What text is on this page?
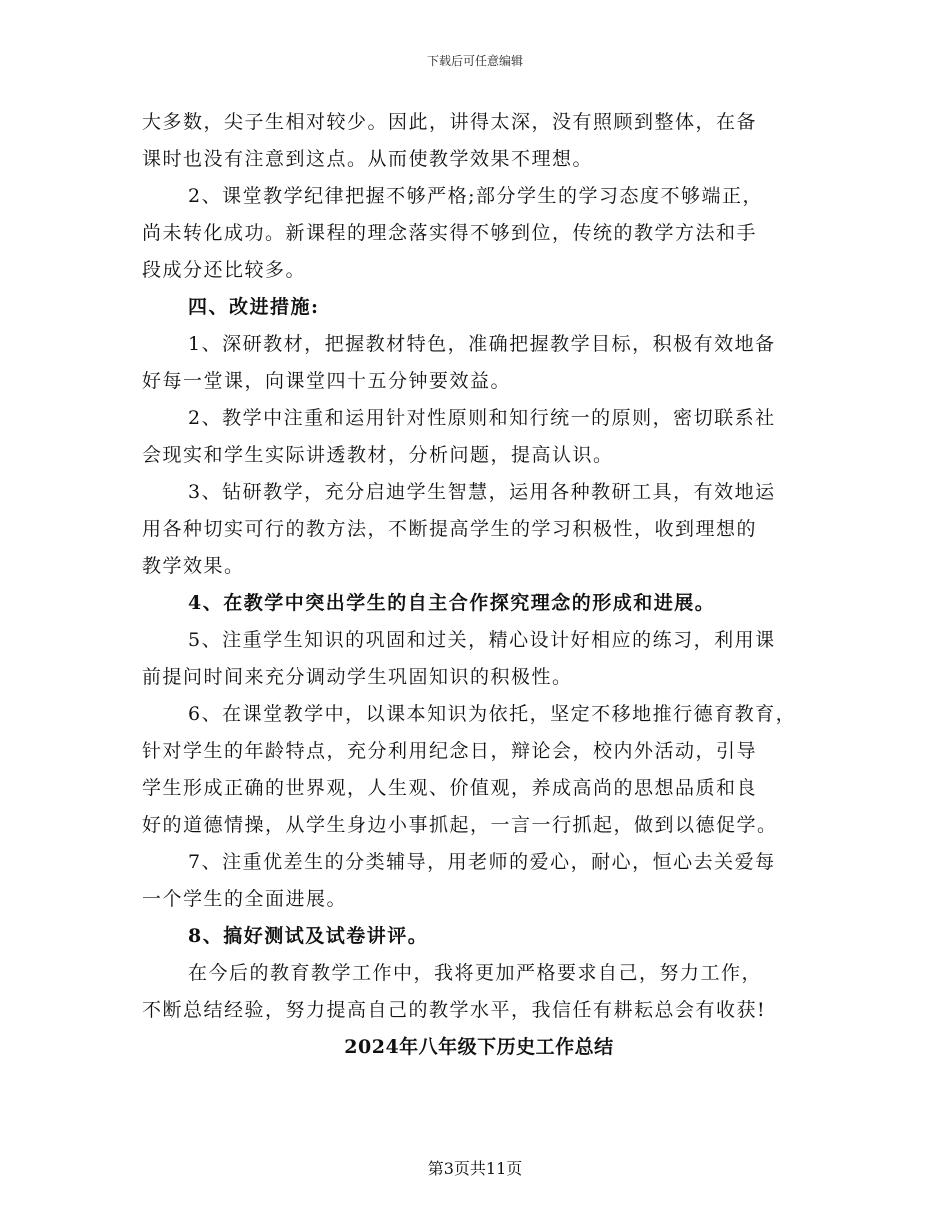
下载后可任意编辑
大多数，尖子生相对较少。因此，讲得太深，没有照顾到整体，在备
课时也没有注意到这点。从而使教学效果不理想。
2、课堂教学纪律把握不够严格;部分学生的学习态度不够端正，
尚未转化成功。新课程的理念落实得不够到位，传统的教学方法和手
段成分还比较多。
四、改进措施:
1、深研教材，把握教材特色，准确把握教学目标，积极有效地备
好每一堂课，向课堂四十五分钟要效益。
2、教学中注重和运用针对性原则和知行统一的原则，密切联系社
会现实和学生实际讲透教材，分析问题，提高认识。
3、钻研教学，充分启迪学生智慧，运用各种教研工具，有效地运
用各种切实可行的教方法，不断提高学生的学习积极性，收到理想的
教学效果。
4、在教学中突出学生的自主合作探究理念的形成和进展。
5、注重学生知识的巩固和过关，精心设计好相应的练习，利用课
前提问时间来充分调动学生巩固知识的积极性。
6、在课堂教学中，以课本知识为依托，坚定不移地推行德育教育，
针对学生的年龄特点，充分利用纪念日，辩论会，校内外活动，引导
学生形成正确的世界观，人生观、价值观，养成高尚的思想品质和良
好的道德情操，从学生身边小事抓起，一言一行抓起，做到以德促学。
7、注重优差生的分类辅导，用老师的爱心，耐心，恒心去关爱每
一个学生的全面进展。
8、搞好测试及试卷讲评。
在今后的教育教学工作中，我将更加严格要求自己，努力工作，
不断总结经验，努力提高自己的教学水平，我信任有耕耘总会有收获!
2024年八年级下历史工作总结
第3页共11页
